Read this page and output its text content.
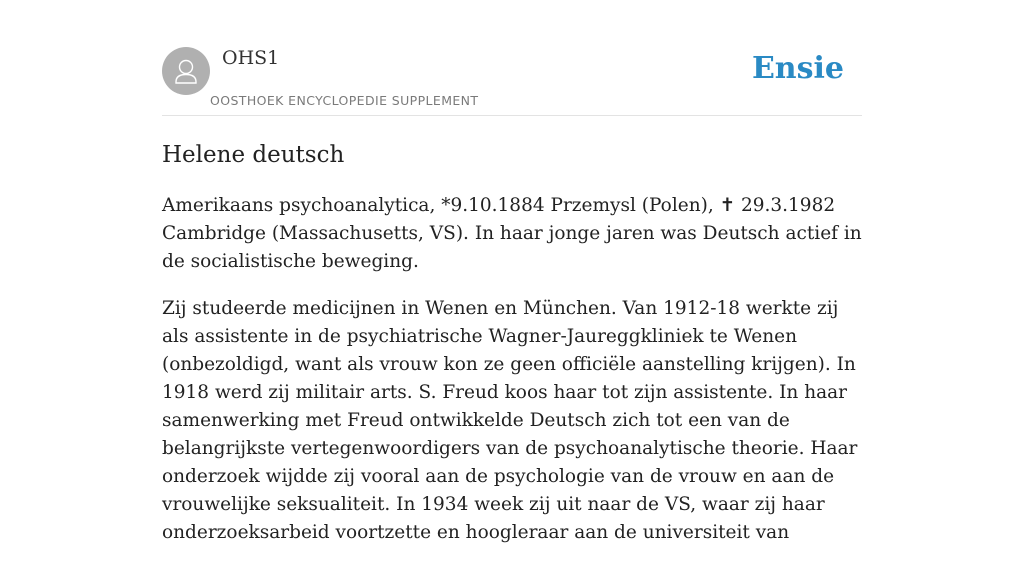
OHS1
OOSTHOEK ENCYCLOPEDIE SUPPLEMENT
Ensie
Helene deutsch

Amerikaans psychoanalytica, *9.10.1884 Przemysl (Polen), ✝ 29.3.1982 Cambridge (Massachusetts, VS). In haar jonge jaren was Deutsch actief in de socialistische beweging.

Zij studeerde medicijnen in Wenen en München. Van 1912-18 werkte zij als assistente in de psychiatrische Wagner-Jaureggkliniek te Wenen (onbezoldigd, want als vrouw kon ze geen officiële aanstelling krijgen). In 1918 werd zij militair arts. S. Freud koos haar tot zijn assistente. In haar samenwerking met Freud ontwikkelde Deutsch zich tot een van de belangrijkste vertegenwoordigers van de psychoanalytische theorie. Haar onderzoek wijdde zij vooral aan de psychologie van de vrouw en aan de vrouwelijke seksualiteit. In 1934 week zij uit naar de VS, waar zij haar onderzoeksarbeid voortzette en hoogleraar aan de universiteit van
